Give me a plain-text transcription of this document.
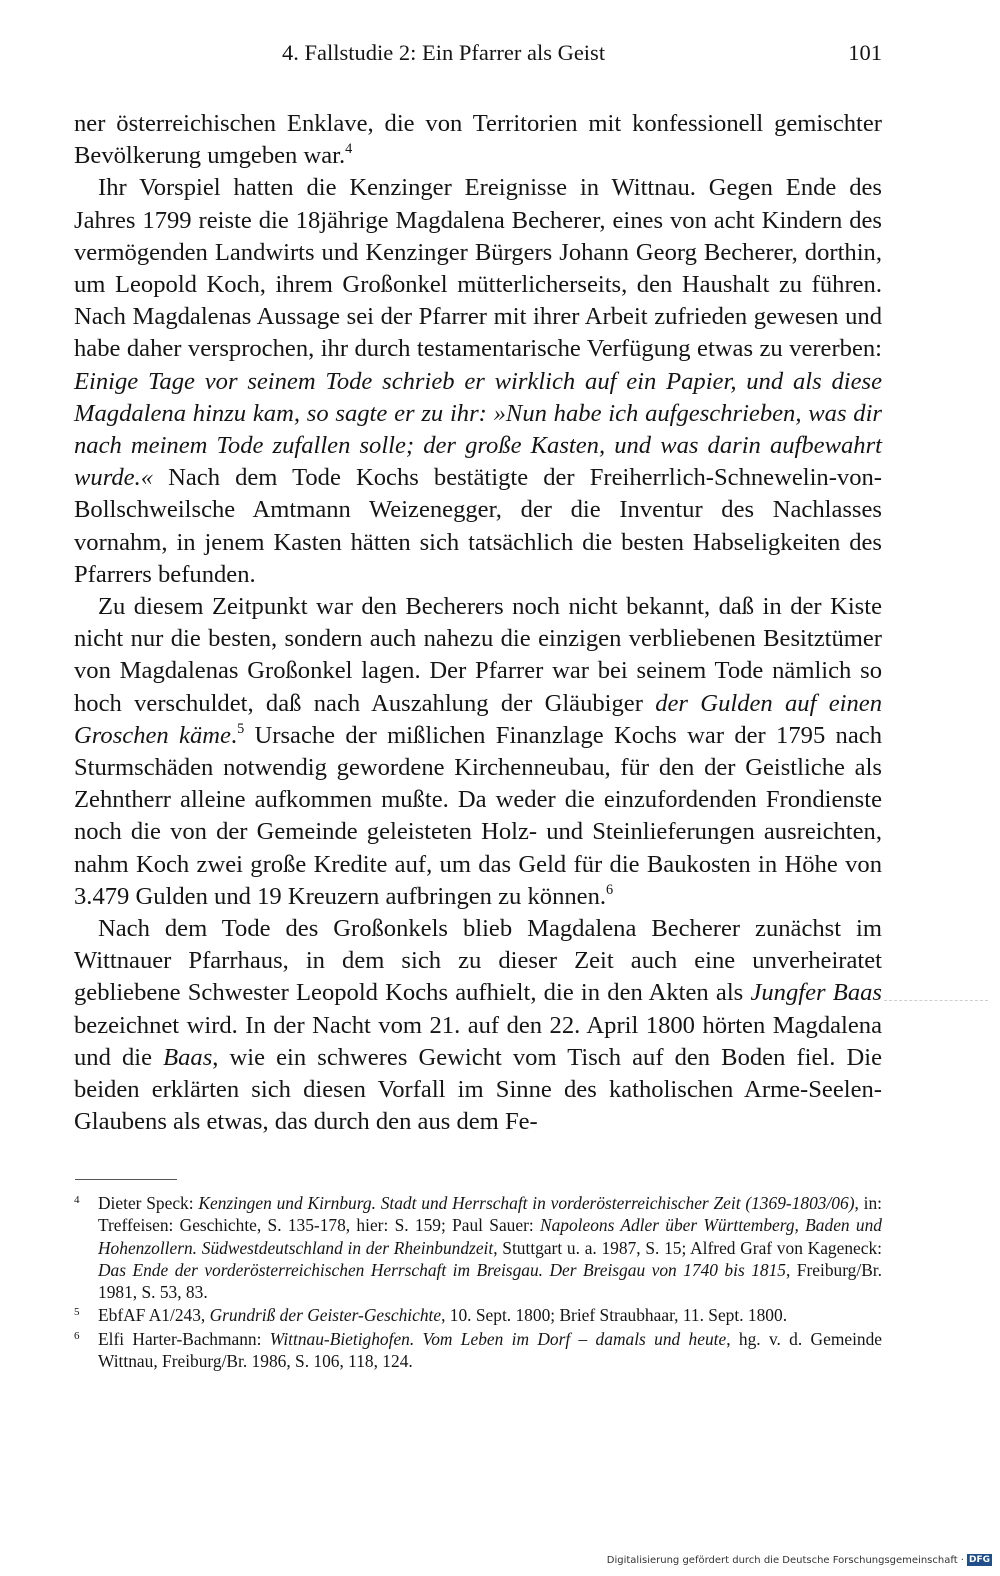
4. Fallstudie 2: Ein Pfarrer als Geist	101

ner österreichischen Enklave, die von Territorien mit konfessionell gemischter Bevölkerung umgeben war.$^4$

Ihr Vorspiel hatten die Kenzinger Ereignisse in Wittnau. Gegen Ende des Jahres 1799 reiste die 18jährige Magdalena Becherer, eines von acht Kindern des vermögenden Landwirts und Kenzinger Bürgers Johann Georg Becherer, dorthin, um Leopold Koch, ihrem Großonkel mütterlicherseits, den Haushalt zu führen. Nach Magdalenas Aussage sei der Pfarrer mit ihrer Arbeit zufrieden gewesen und habe daher versprochen, ihr durch testamentarische Verfügung etwas zu vererben: Einige Tage vor seinem Tode schrieb er wirklich auf ein Papier, und als diese Magdalena hinzu kam, so sagte er zu ihr: »Nun habe ich aufgeschrieben, was dir nach meinem Tode zufallen solle; der große Kasten, und was darin aufbewahrt wurde.« Nach dem Tode Kochs bestätigte der Freiherrlich-Schnewelin-von-Bollschweilsche Amtmann Weizenegger, der die Inventur des Nachlasses vornahm, in jenem Kasten hätten sich tatsächlich die besten Habseligkeiten des Pfarrers befunden.

Zu diesem Zeitpunkt war den Becherers noch nicht bekannt, daß in der Kiste nicht nur die besten, sondern auch nahezu die einzigen verbliebenen Besitztümer von Magdalenas Großonkel lagen. Der Pfarrer war bei seinem Tode nämlich so hoch verschuldet, daß nach Auszahlung der Gläubiger der Gulden auf einen Groschen käme.$^5$ Ursache der mißlichen Finanzlage Kochs war der 1795 nach Sturmschäden notwendig gewordene Kirchenneubau, für den der Geistliche als Zehntherr alleine aufkommen mußte. Da weder die einzufordenden Frondienste noch die von der Gemeinde geleisteten Holz- und Steinlieferungen ausreichten, nahm Koch zwei große Kredite auf, um das Geld für die Baukosten in Höhe von 3.479 Gulden und 19 Kreuzern aufbringen zu können.$^6$

Nach dem Tode des Großonkels blieb Magdalena Becherer zunächst im Wittnauer Pfarrhaus, in dem sich zu dieser Zeit auch eine unverheiratet gebliebene Schwester Leopold Kochs aufhielt, die in den Akten als Jungfer Baas bezeichnet wird. In der Nacht vom 21. auf den 22. April 1800 hörten Magdalena und die Baas, wie ein schweres Gewicht vom Tisch auf den Boden fiel. Die beiden erklärten sich diesen Vorfall im Sinne des katholischen Arme-Seelen-Glaubens als etwas, das durch den aus dem Fe-

4	Dieter Speck: Kenzingen und Kirnburg. Stadt und Herrschaft in vorderösterreichischer Zeit (1369-1803/06), in: Treffeisen: Geschichte, S. 135-178, hier: S. 159; Paul Sauer: Napoleons Adler über Württemberg, Baden und Hohenzollern. Südwestdeutschland in der Rheinbundzeit, Stuttgart u. a. 1987, S. 15; Alfred Graf von Kageneck: Das Ende der vorderösterreichischen Herrschaft im Breisgau. Der Breisgau von 1740 bis 1815, Freiburg/Br. 1981, S. 53, 83.
5	EbfAF A1/243, Grundriß der Geister-Geschichte, 10. Sept. 1800; Brief Straubhaar, 11. Sept. 1800.
6	Elfi Harter-Bachmann: Wittnau-Bietighofen. Vom Leben im Dorf – damals und heute, hg. v. d. Gemeinde Wittnau, Freiburg/Br. 1986, S. 106, 118, 124.
Digitalisierung gefördert durch die Deutsche Forschungsgemeinschaft · DFG
